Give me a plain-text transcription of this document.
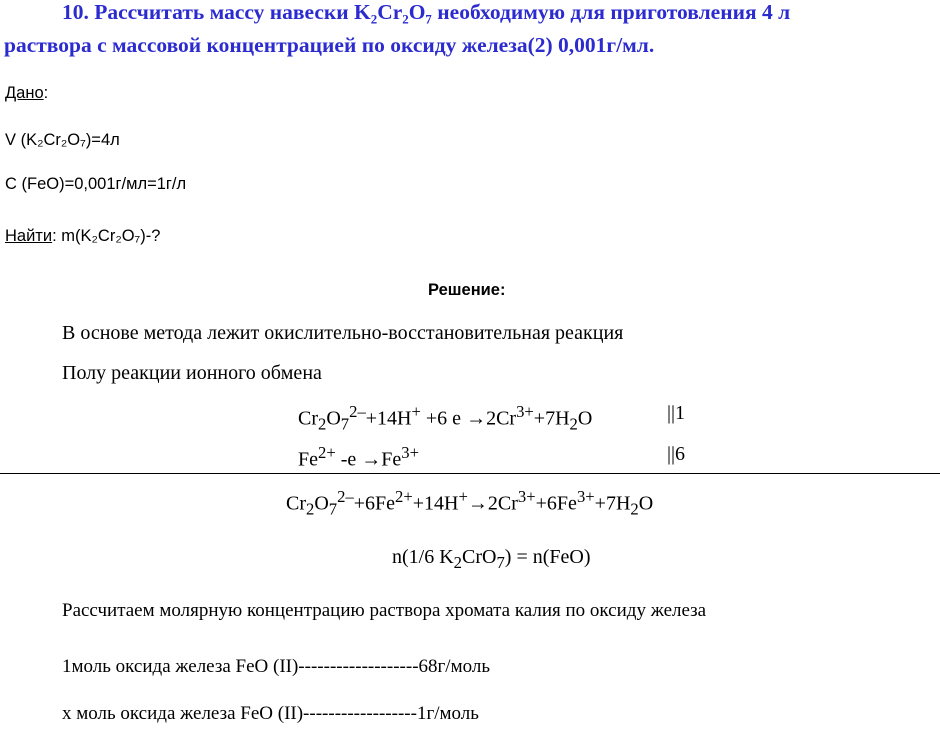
10. Рассчитать массу навески K₂Cr₂O₇ необходимую для приготовления 4 л
раствора с массовой концентрацией по оксиду железа(2) 0,001г/мл.
Дано:
V (K₂Cr₂O₇)=4л
C (FeO)=0,001г/мл=1г/л
Найти: m(K₂Cr₂O₇)-?
Решение:
В основе метода лежит окислительно-восстановительная реакция
Полу реакции ионного обмена
$Cr_2O_7^{2-}+14H^+ +6$ $e \to 2Cr^{3+}+7H_2O$	||1
$Fe^{2+}$ $-e \to Fe^{3+}$	||6
$Cr_2O_7^{2-}+6Fe^{2+}+14H^+\to 2Cr^{3+}+6Fe^{3+}+7H_2O$
n(1/6 $K_2CrO_7) = n(FeO)$
Рассчитаем молярную концентрацию раствора хромата калия по оксиду железа
1моль оксида железа FeO (II)-------------------68г/моль
x моль оксида железа FeO (II)------------------1г/моль
